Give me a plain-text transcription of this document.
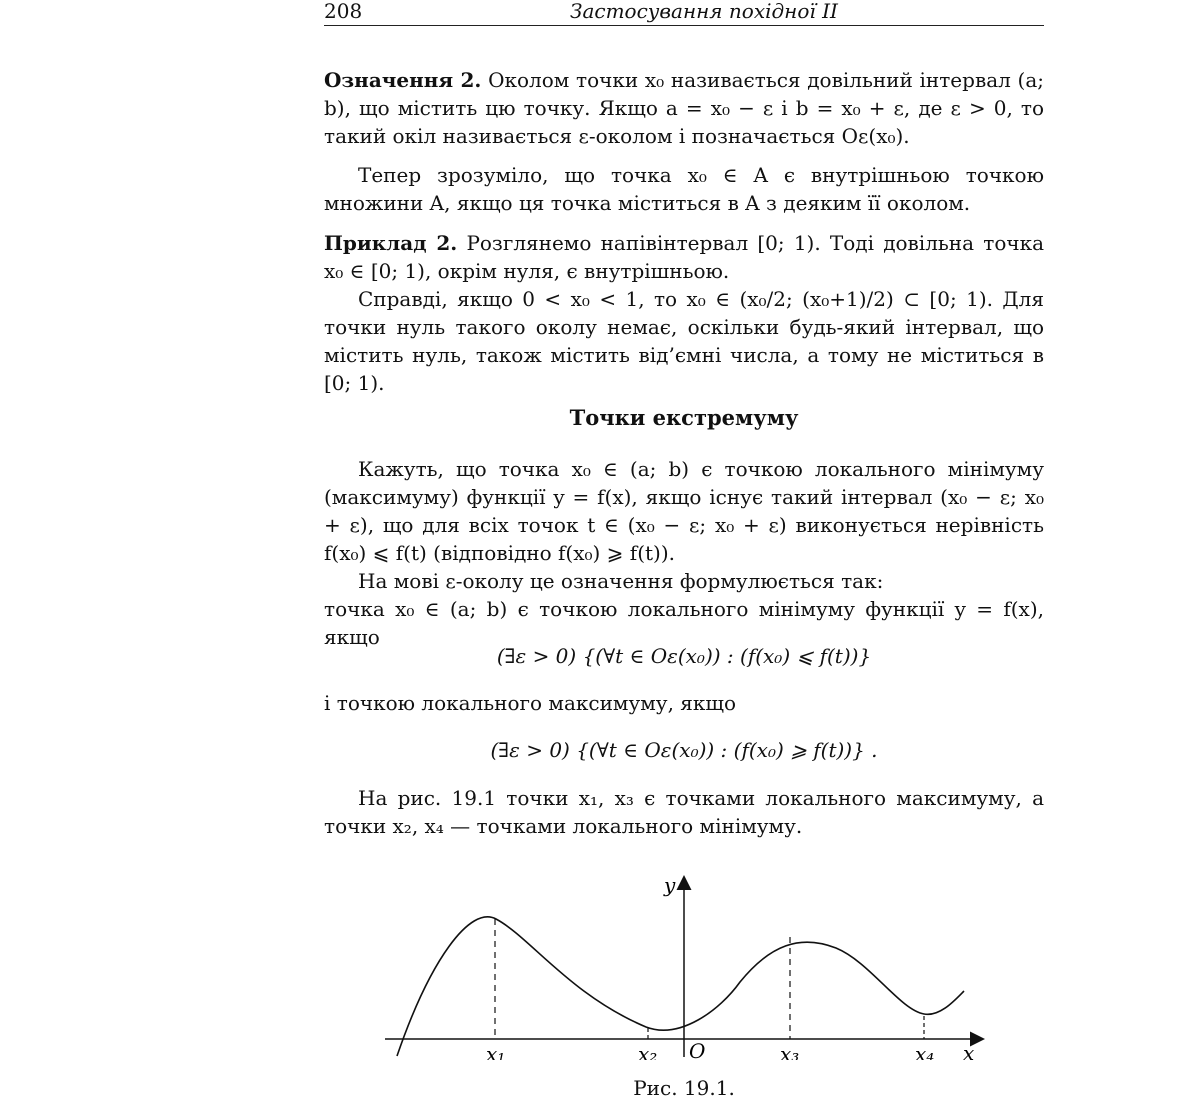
208	Застосування похідної II
Означення 2. Околом точки x₀ називається довільний інтервал (a; b), що містить цю точку. Якщо a = x₀ − ε і b = x₀ + ε, де ε > 0, то такий окіл називається ε-околом і позначається Oε(x₀).
Тепер зрозуміло, що точка x₀ ∈ A є внутрішньою точкою множини A, якщо ця точка міститься в A з деяким її околом.
Приклад 2. Розглянемо напівінтервал [0; 1). Тоді довільна точка x₀ ∈ [0; 1), окрім нуля, є внутрішньою.
Справді, якщо 0 < x₀ < 1, то x₀ ∈ (x₀/2; (x₀+1)/2) ⊂ [0; 1). Для точки нуль такого околу немає, оскільки будь-який інтервал, що містить нуль, також містить від’ємні числа, а тому не міститься в [0; 1).
Точки екстремуму
Кажуть, що точка x₀ ∈ (a; b) є точкою локального мінімуму (максимуму) функції y = f(x), якщо існує такий інтервал (x₀ − ε; x₀ + ε), що для всіх точок t ∈ (x₀ − ε; x₀ + ε) виконується нерівність f(x₀) ⩽ f(t) (відповідно f(x₀) ⩾ f(t)).
На мові ε-околу це означення формулюється так:
точка x₀ ∈ (a; b) є точкою локального мінімуму функції y = f(x), якщо
(∃ε > 0) {(∀t ∈ Oε(x₀)) : (f(x₀) ⩽ f(t))}
і точкою локального максимуму, якщо
(∃ε > 0) {(∀t ∈ Oε(x₀)) : (f(x₀) ⩾ f(t))} .
На рис. 19.1 точки x₁, x₃ є точками локального максимуму, а точки x₂, x₄ — точками локального мінімуму.
y
x
O
x₁	x₂	x₃	x₄
Рис. 19.1.
